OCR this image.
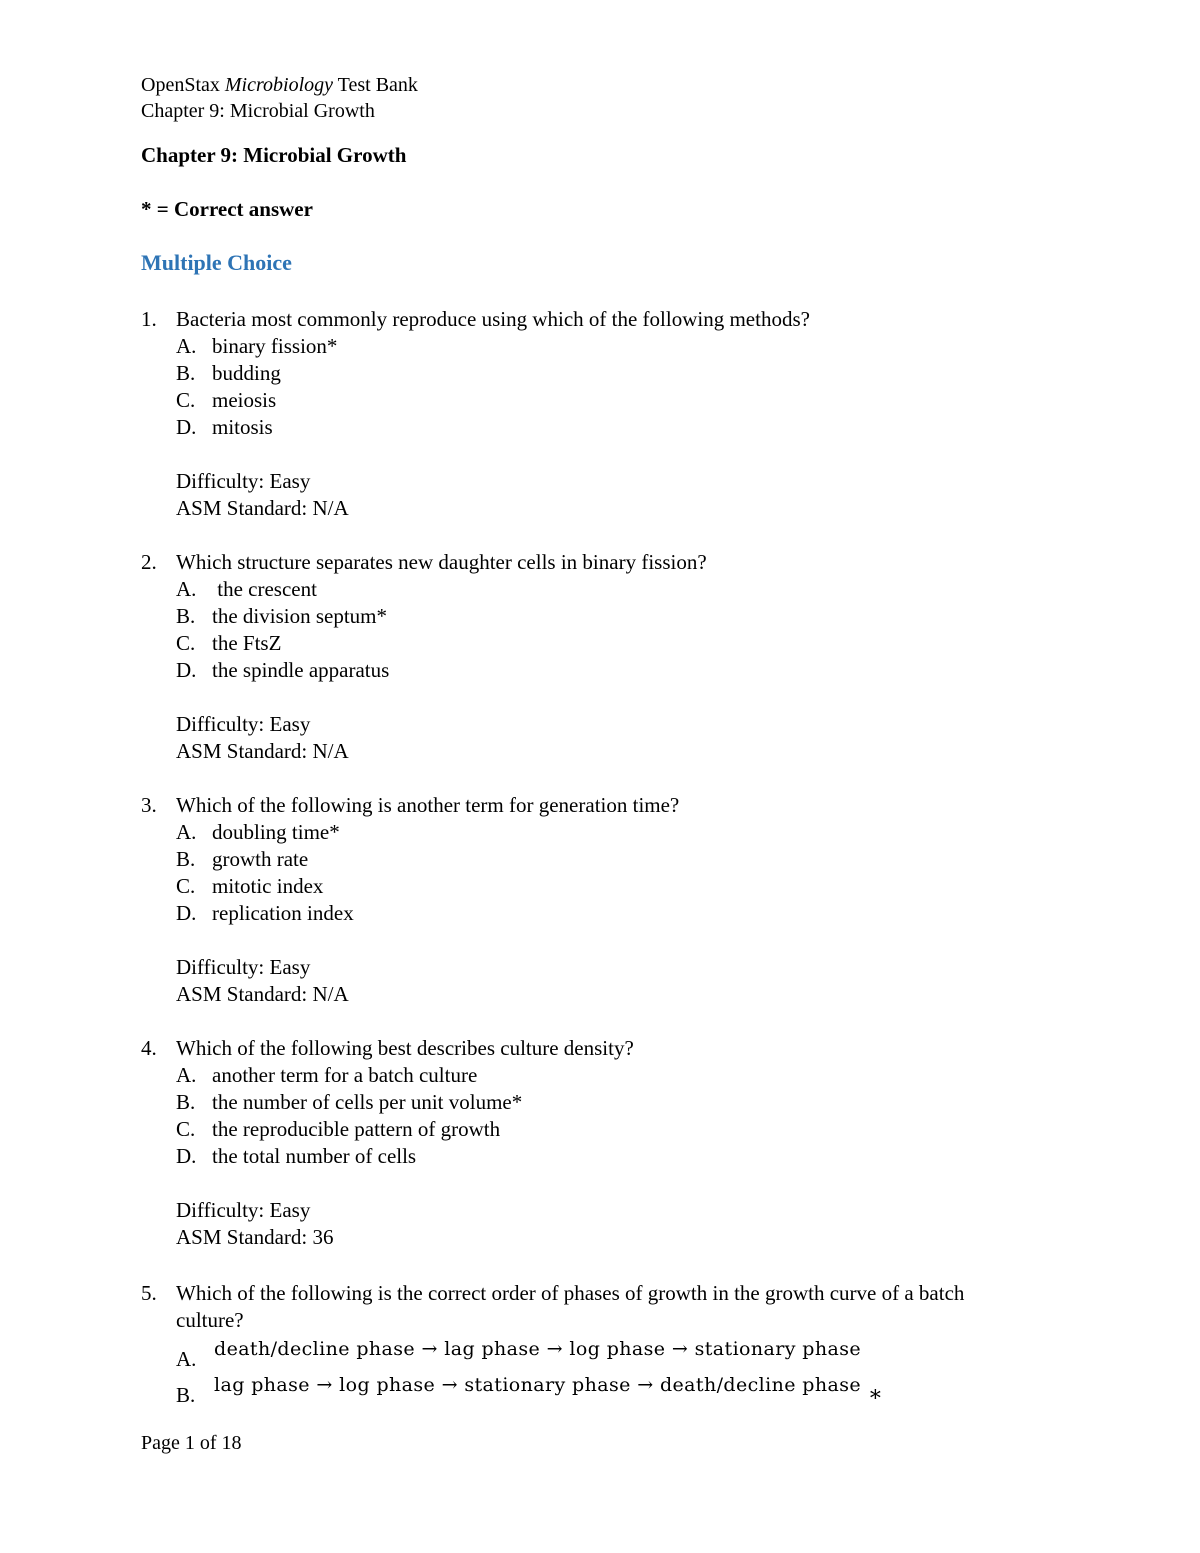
OpenStax Microbiology Test Bank
Chapter 9: Microbial Growth
Chapter 9: Microbial Growth
* = Correct answer
Multiple Choice
1. Bacteria most commonly reproduce using which of the following methods?
A. binary fission*
B. budding
C. meiosis
D. mitosis
Difficulty: Easy
ASM Standard: N/A
2. Which structure separates new daughter cells in binary fission?
A. the crescent
B. the division septum*
C. the FtsZ
D. the spindle apparatus
Difficulty: Easy
ASM Standard: N/A
3. Which of the following is another term for generation time?
A. doubling time*
B. growth rate
C. mitotic index
D. replication index
Difficulty: Easy
ASM Standard: N/A
4. Which of the following best describes culture density?
A. another term for a batch culture
B. the number of cells per unit volume*
C. the reproducible pattern of growth
D. the total number of cells
Difficulty: Easy
ASM Standard: 36
5. Which of the following is the correct order of phases of growth in the growth curve of a batch culture?
A. death/decline phase → lag phase → log phase → stationary phase
B. lag phase → log phase → stationary phase → death/decline phase ∗
Page 1 of 18
